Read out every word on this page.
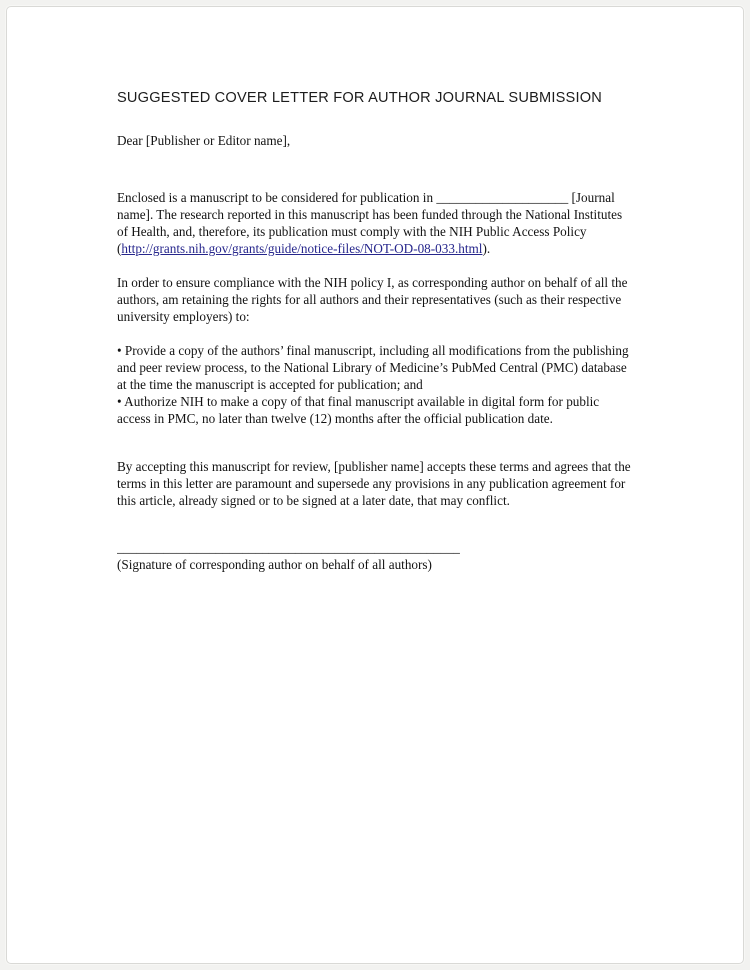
SUGGESTED COVER LETTER FOR AUTHOR JOURNAL SUBMISSION

Dear [Publisher or Editor name],

Enclosed is a manuscript to be considered for publication in ____________________ [Journal name]. The research reported in this manuscript has been funded through the National Institutes of Health, and, therefore, its publication must comply with the NIH Public Access Policy (http://grants.nih.gov/grants/guide/notice-files/NOT-OD-08-033.html).

In order to ensure compliance with the NIH policy I, as corresponding author on behalf of all the authors, am retaining the rights for all authors and their representatives (such as their respective university employers) to:

• Provide a copy of the authors’ final manuscript, including all modifications from the publishing and peer review process, to the National Library of Medicine’s PubMed Central (PMC) database at the time the manuscript is accepted for publication; and

• Authorize NIH to make a copy of that final manuscript available in digital form for public access in PMC, no later than twelve (12) months after the official publication date.

By accepting this manuscript for review, [publisher name] accepts these terms and agrees that the terms in this letter are paramount and supersede any provisions in any publication agreement for this article, already signed or to be signed at a later date, that may conflict.

____________________________________________________

(Signature of corresponding author on behalf of all authors)
